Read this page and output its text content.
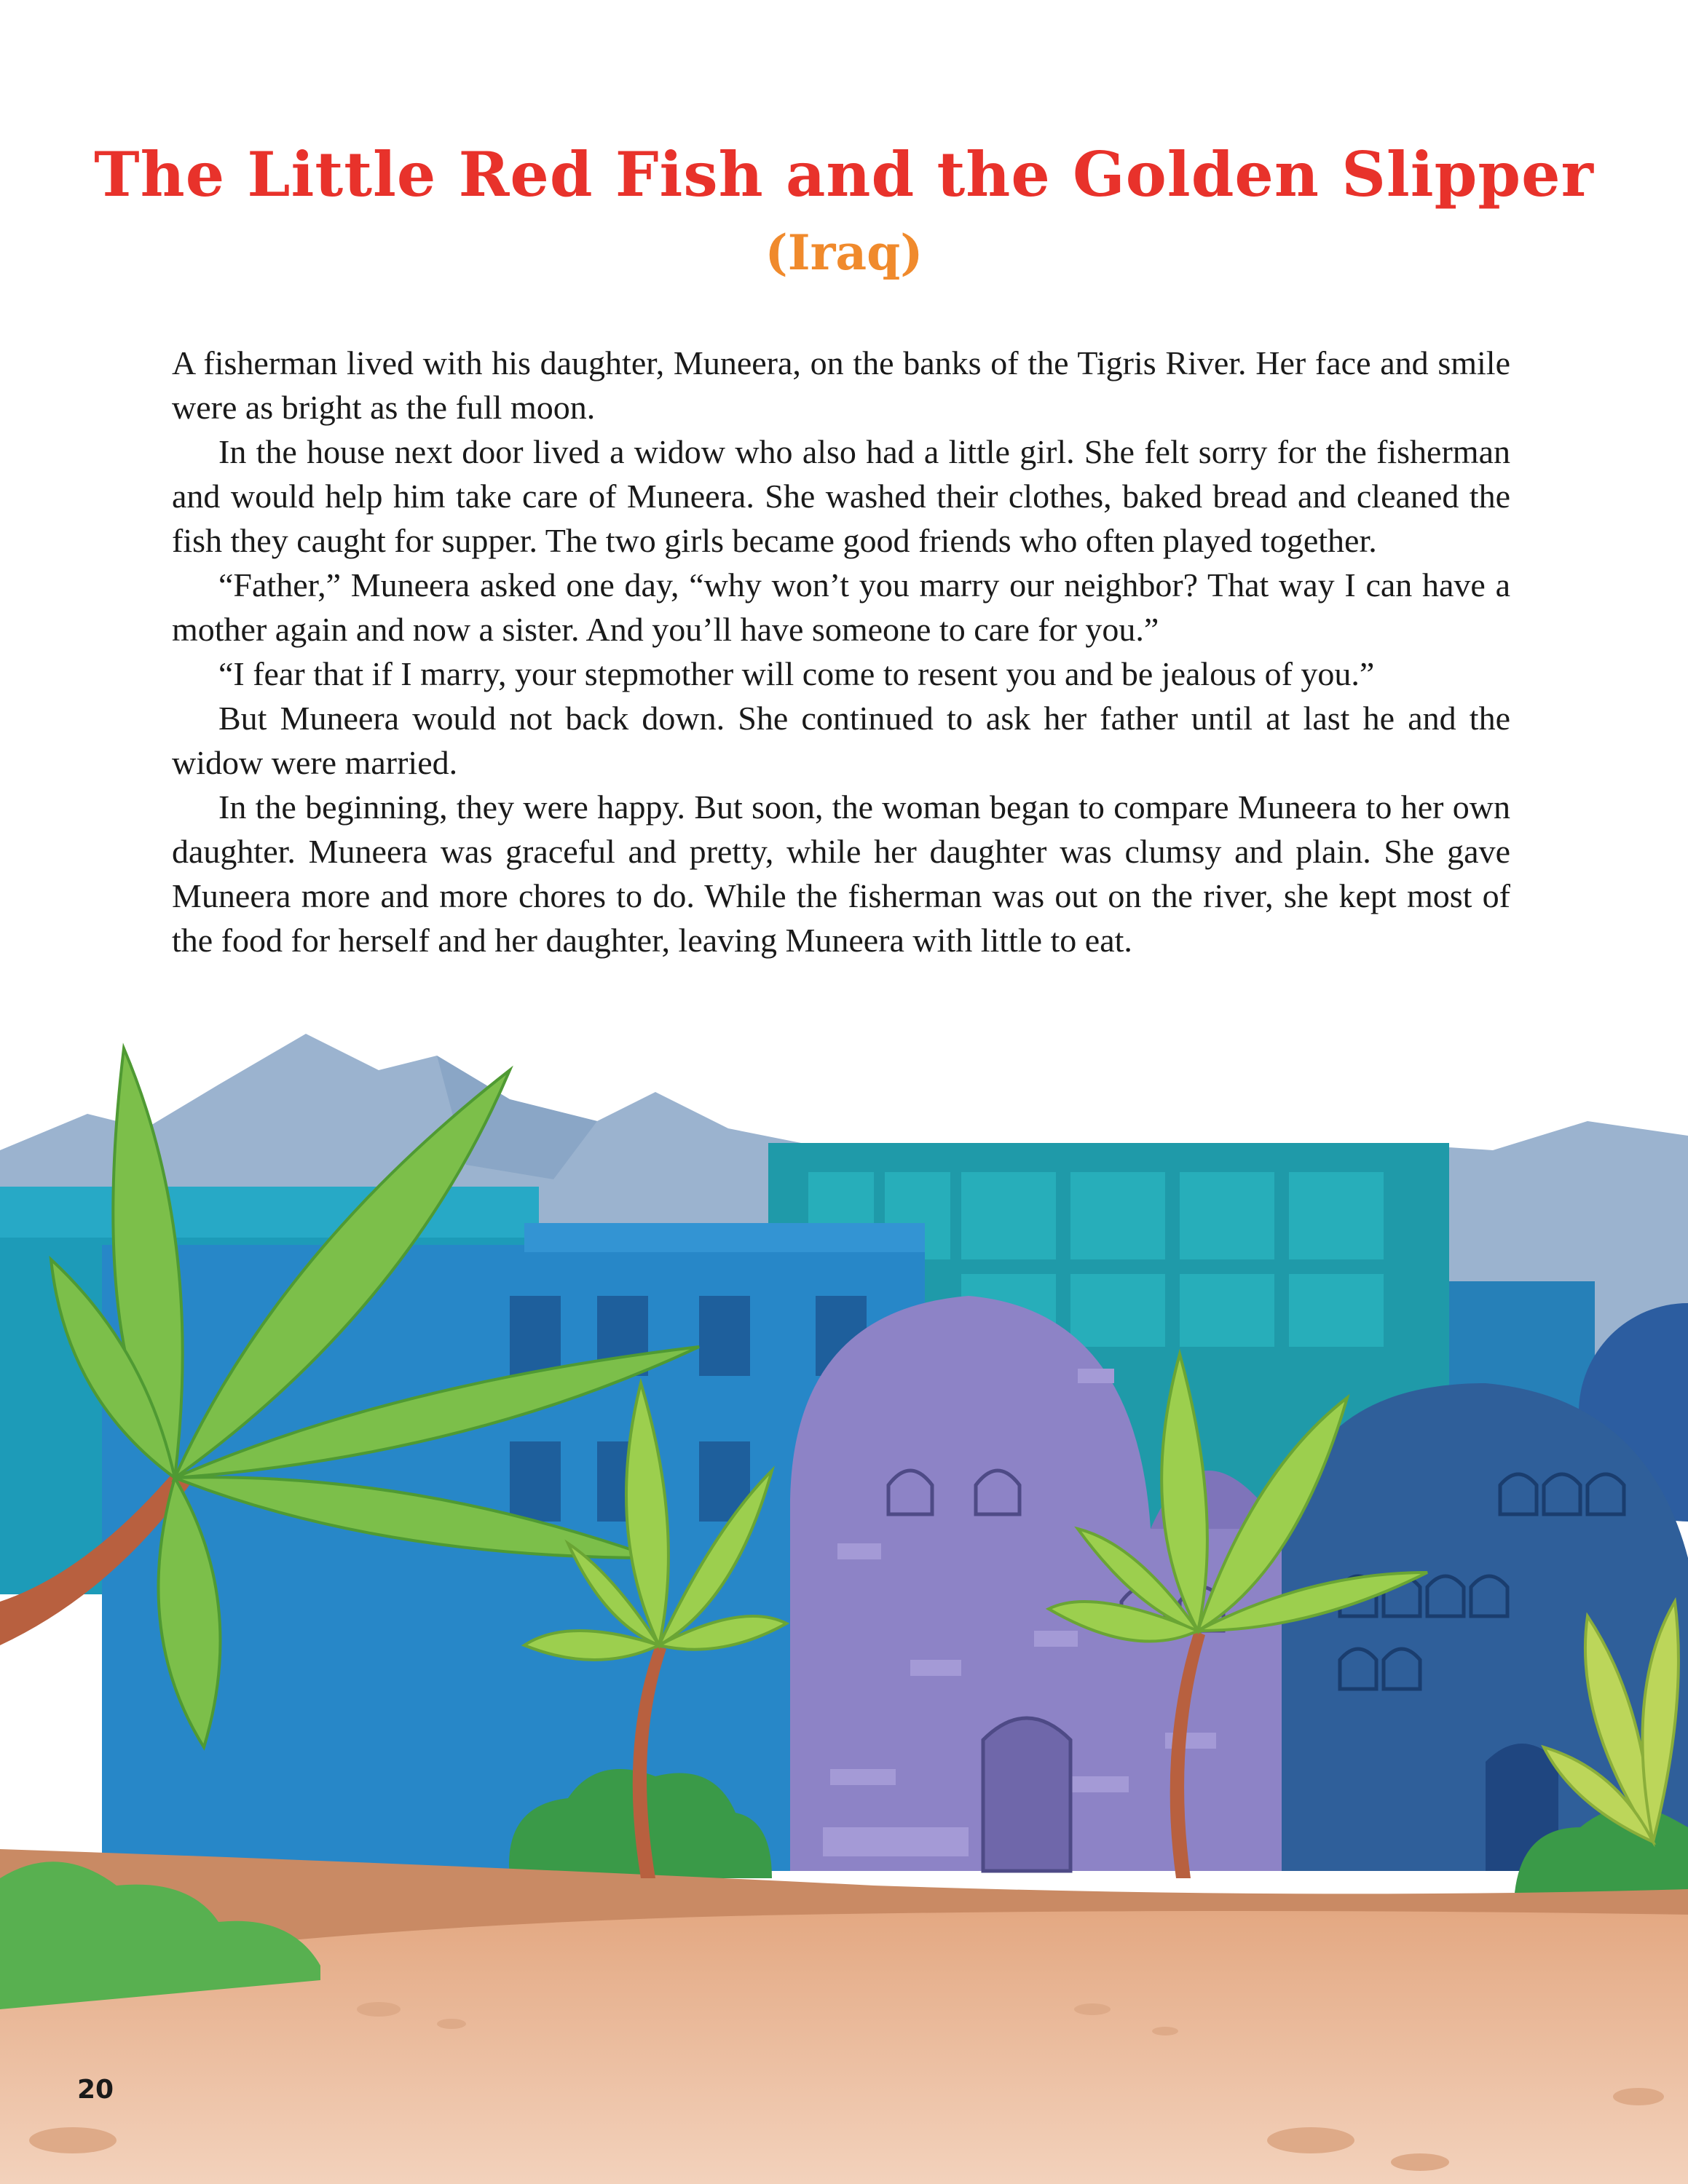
The Little Red Fish and the Golden Slipper
(Iraq)

A fisherman lived with his daughter, Muneera, on the banks of the Tigris River. Her face and smile were as bright as the full moon.

In the house next door lived a widow who also had a little girl. She felt sorry for the fisherman and would help him take care of Muneera. She washed their clothes, baked bread and cleaned the fish they caught for supper. The two girls became good friends who often played together.

“Father,” Muneera asked one day, “why won’t you marry our neighbor? That way I can have a mother again and now a sister. And you’ll have someone to care for you.”

“I fear that if I marry, your stepmother will come to resent you and be jealous of you.”

But Muneera would not back down. She continued to ask her father until at last he and the widow were married.

In the beginning, they were happy. But soon, the woman began to compare Muneera to her own daughter. Muneera was graceful and pretty, while her daughter was clumsy and plain. She gave Muneera more and more chores to do. While the fisherman was out on the river, she kept most of the food for herself and her daughter, leaving Muneera with little to eat.

20
